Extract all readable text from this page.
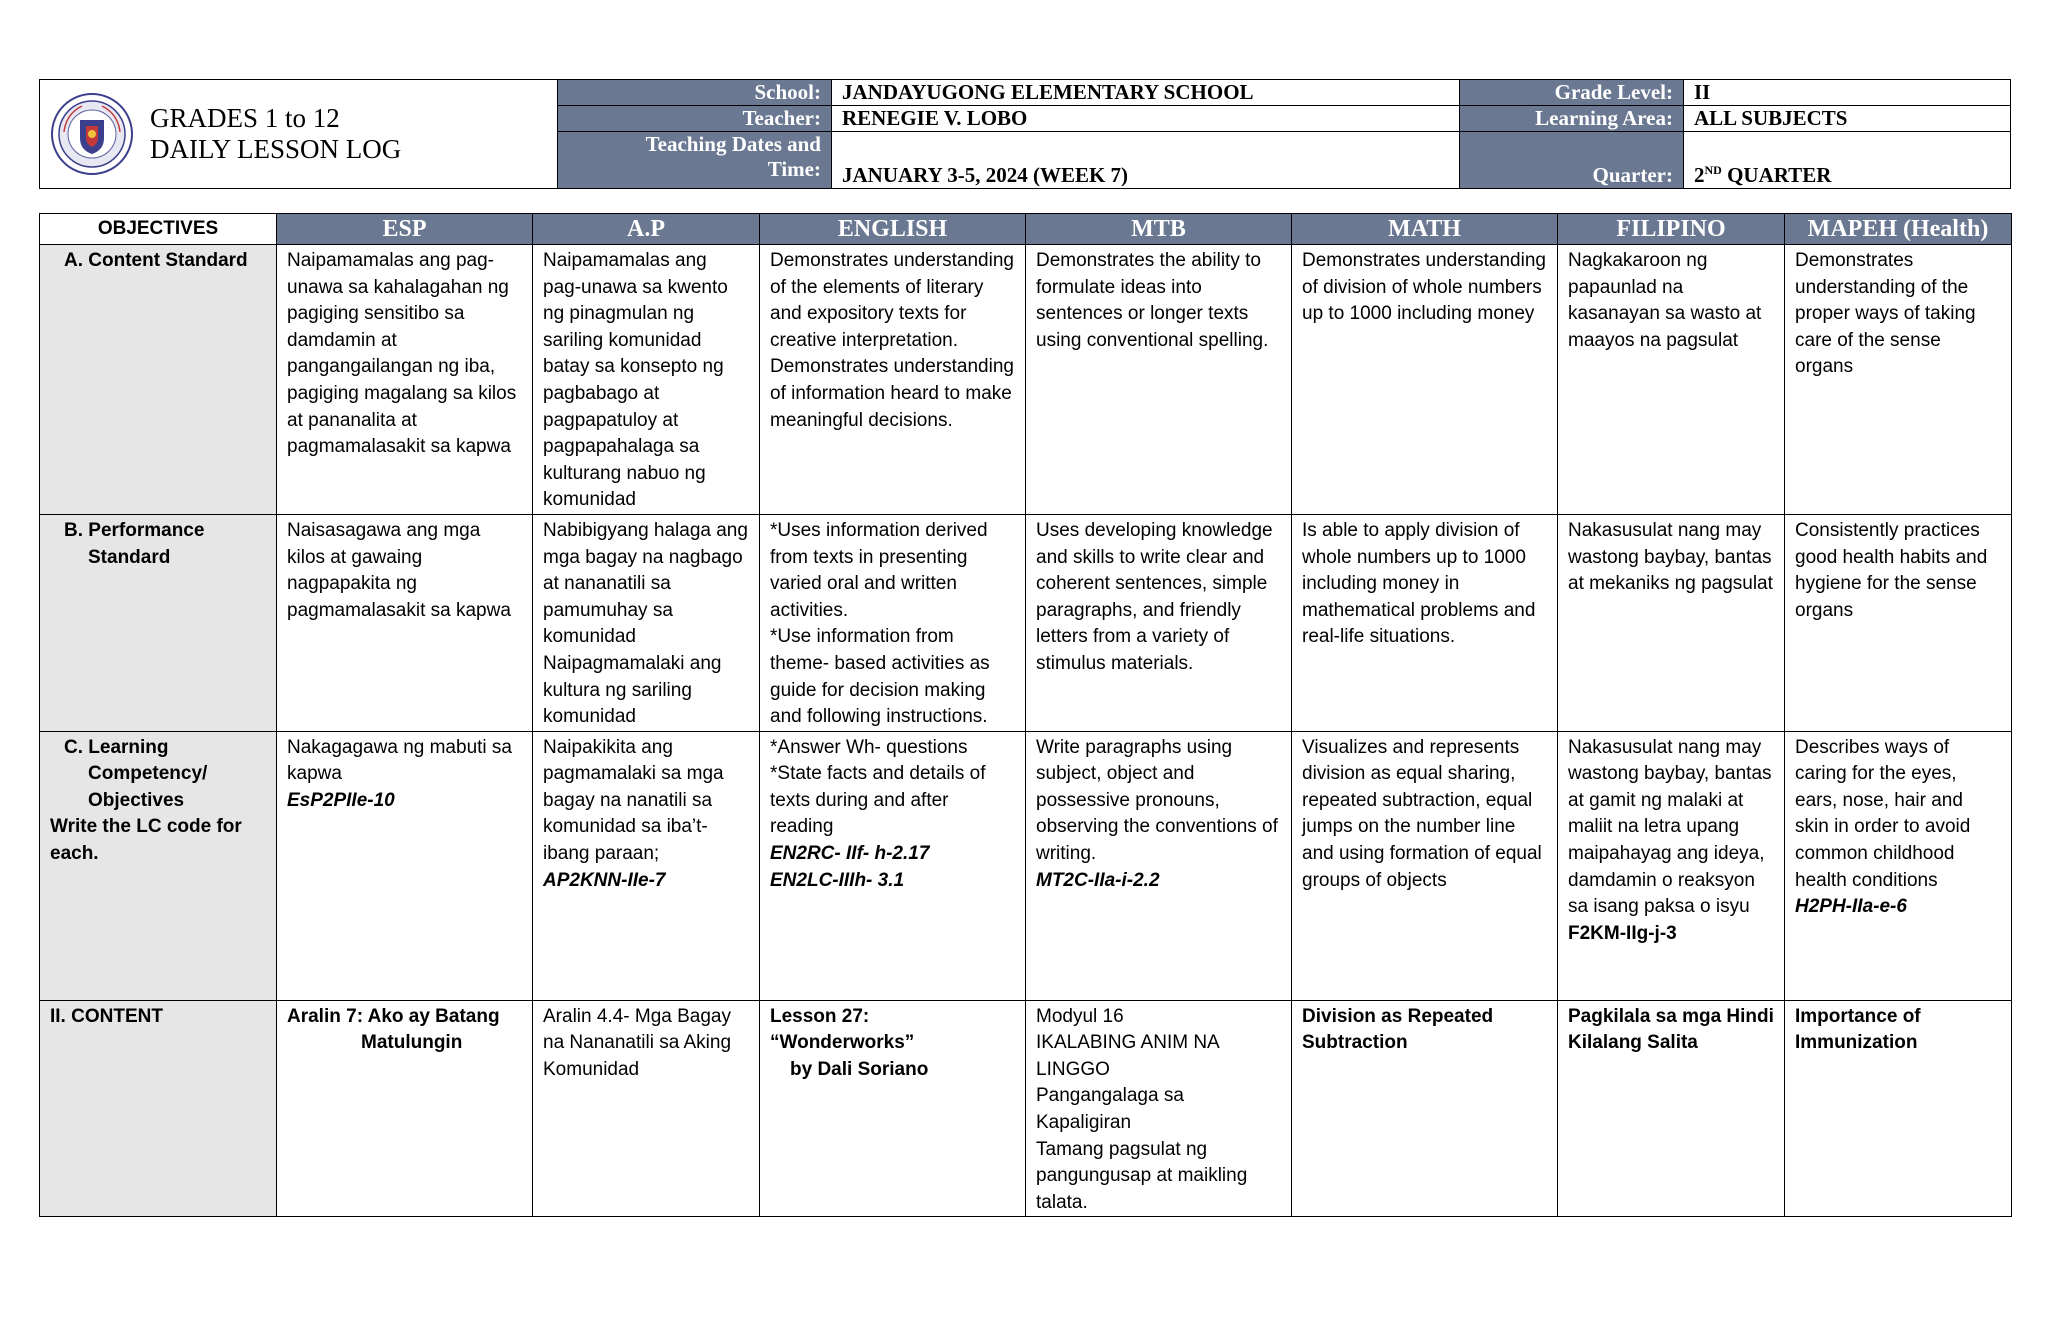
GRADES 1 to 12
DAILY LESSON LOG	School:	JANDAYUGONG ELEMENTARY SCHOOL	Grade Level:	II
	Teacher:	RENEGIE V. LOBO	Learning Area:	ALL SUBJECTS

	Teaching Dates and
Time:	JANUARY 3-5, 2024 (WEEK 7)	Quarter:	2ND QUARTER

OBJECTIVES	ESP	A.P	ENGLISH	MTB	MATH	FILIPINO	MAPEH (Health)

A. Content Standard	Naipamamalas ang pag-unawa sa kahalagahan ng pagiging sensitibo sa damdamin at pangangailangan ng iba, pagiging magalang sa kilos at pananalita at pagmamalasakit sa kapwa	Naipamamalas ang pag-unawa sa kwento ng pinagmulan ng sariling komunidad batay sa konsepto ng pagbabago at pagpapatuloy at pagpapahalaga sa kulturang nabuo ng komunidad	Demonstrates understanding of the elements of literary and expository texts for creative interpretation. Demonstrates understanding of information heard to make meaningful decisions.	Demonstrates the ability to formulate ideas into sentences or longer texts using conventional spelling.	Demonstrates understanding of division of whole numbers up to 1000 including money	Nagkakaroon ng papaunlad na kasanayan sa wasto at maayos na pagsulat	Demonstrates understanding of the proper ways of taking care of the sense organs

B. Performance
Standard	Naisasagawa ang mga kilos at gawaing nagpapakita ng pagmamalasakit sa kapwa	Nabibigyang halaga ang mga bagay na nagbago at nananatili sa pamumuhay sa komunidad Naipagmamalaki ang kultura ng sariling komunidad	*Uses information derived from texts in presenting varied oral and written activities.
*Use information from theme- based activities as guide for decision making and following instructions.	Uses developing knowledge and skills to write clear and coherent sentences, simple paragraphs, and friendly letters from a variety of stimulus materials.	Is able to apply division of whole numbers up to 1000 including money in mathematical problems and real-life situations.	Nakasusulat nang may wastong baybay, bantas at mekaniks ng pagsulat	Consistently practices good health habits and hygiene for the sense organs

C. Learning
Competency/
Objectives
Write the LC code for each.	Nakagagawa ng mabuti sa kapwa
EsP2PIIe-10	Naipakikita ang pagmamalaki sa mga bagay na nanatili sa komunidad sa iba’t-ibang paraan;
AP2KNN-IIe-7	*Answer Wh- questions
*State facts and details of texts during and after reading
EN2RC- IIf- h-2.17
EN2LC-IIIh- 3.1	Write paragraphs using subject, object and possessive pronouns, observing the conventions of writing.
MT2C-IIa-i-2.2	Visualizes and represents division as equal sharing, repeated subtraction, equal jumps on the number line and using formation of equal groups of objects	Nakasusulat nang may wastong baybay, bantas at gamit ng malaki at maliit na letra upang maipahayag ang ideya, damdamin o reaksyon sa isang paksa o isyu
F2KM-IIg-j-3	Describes ways of caring for the eyes, ears, nose, hair and skin in order to avoid common childhood health conditions
H2PH-IIa-e-6
II. CONTENT	Aralin 7: Ako ay Batang
Matulungin	Aralin 4.4- Mga Bagay na Nananatili sa Aking Komunidad	Lesson 27:
“Wonderworks”
by Dali Soriano	Modyul 16
IKALABING ANIM NA LINGGO
Pangangalaga sa Kapaligiran
Tamang pagsulat ng pangungusap at maikling talata.	Division as Repeated Subtraction	Pagkilala sa mga Hindi Kilalang Salita	Importance of Immunization
